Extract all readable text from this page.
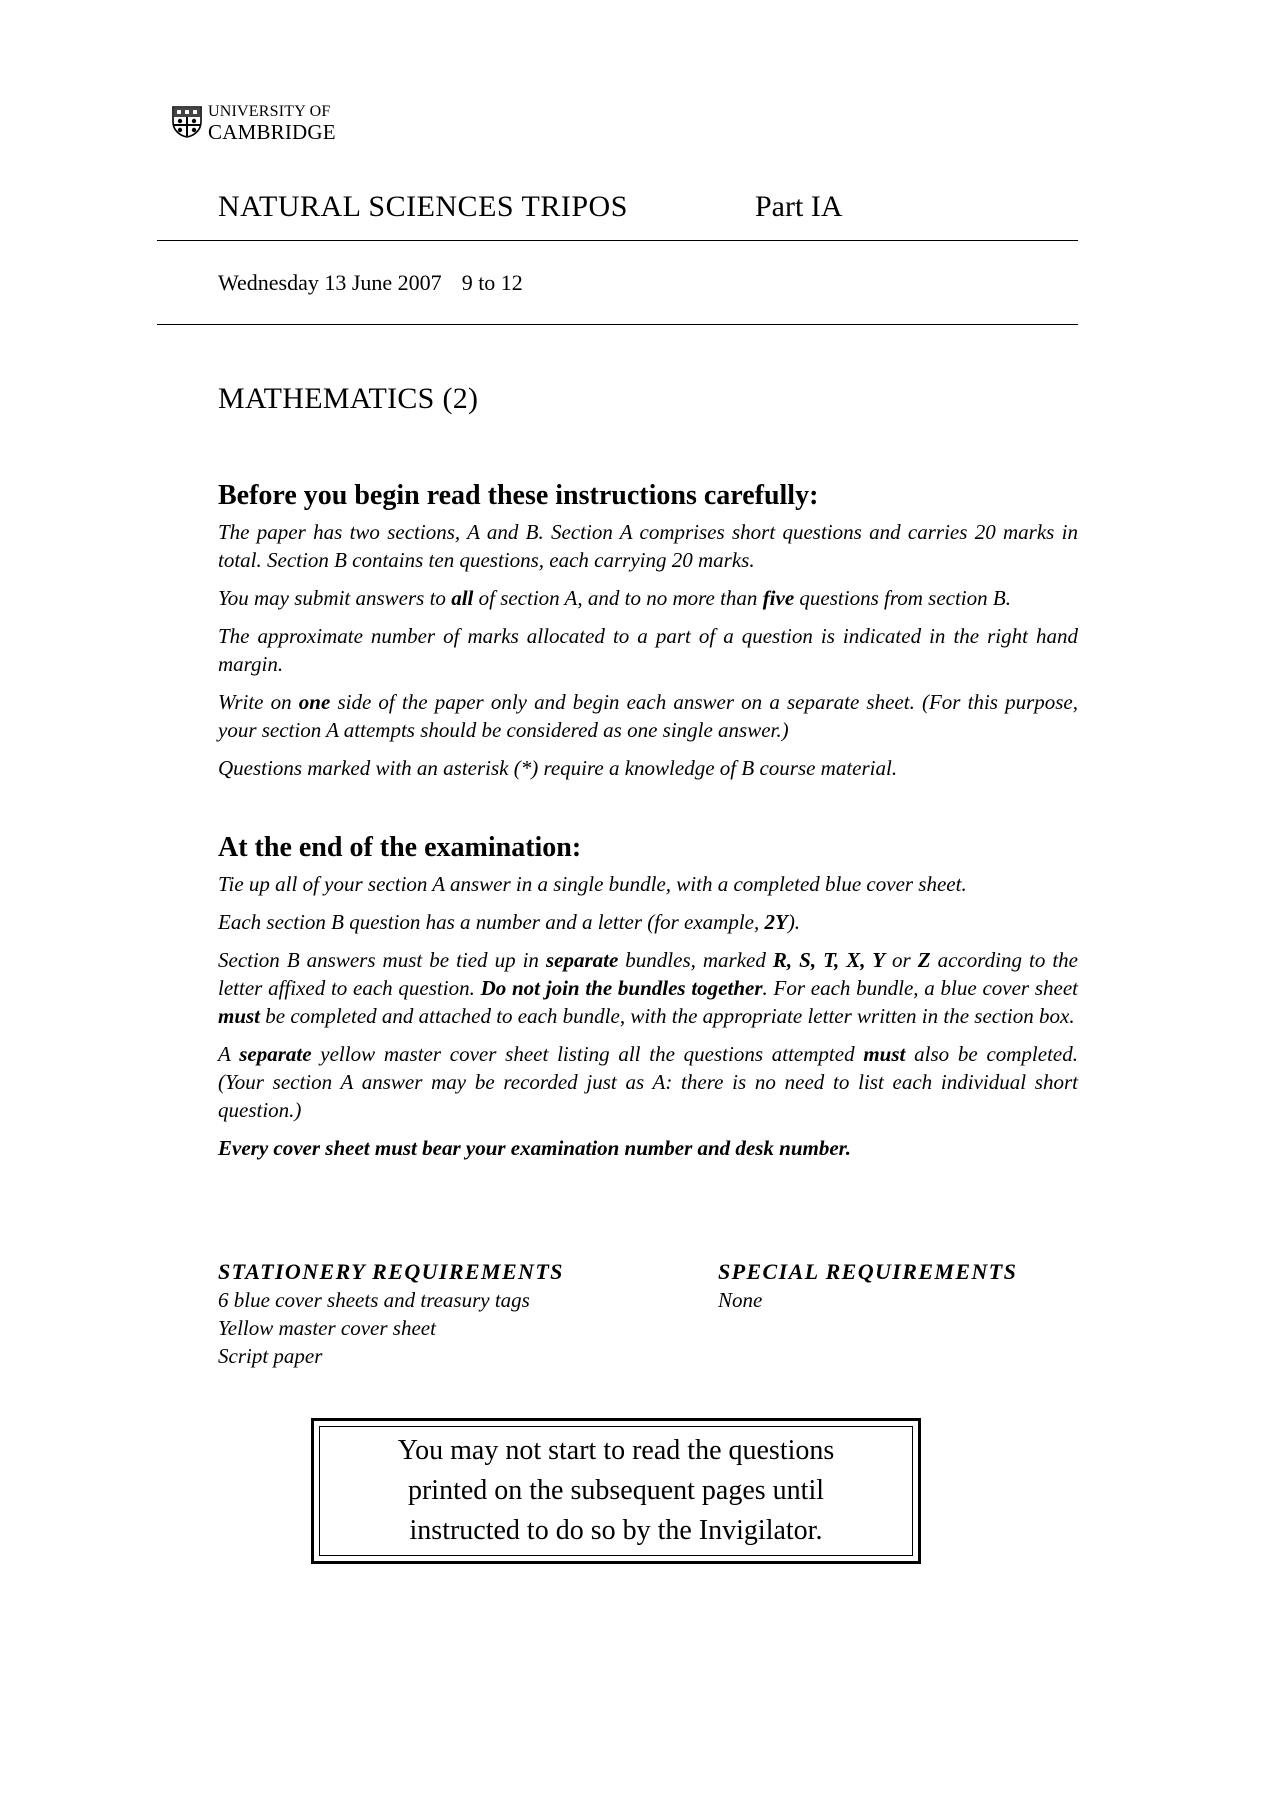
UNIVERSITY OF
CAMBRIDGE
NATURAL SCIENCES TRIPOS	Part IA
Wednesday 13 June 2007 9 to 12
MATHEMATICS (2)
Before you begin read these instructions carefully:

The paper has two sections, A and B. Section A comprises short questions and carries 20 marks in total. Section B contains ten questions, each carrying 20 marks.

You may submit answers to all of section A, and to no more than five questions from section B.

The approximate number of marks allocated to a part of a question is indicated in the right hand margin.

Write on one side of the paper only and begin each answer on a separate sheet. (For this purpose, your section A attempts should be considered as one single answer.)

Questions marked with an asterisk (*) require a knowledge of B course material.

At the end of the examination:

Tie up all of your section A answer in a single bundle, with a completed blue cover sheet.

Each section B question has a number and a letter (for example, 2Y).

Section B answers must be tied up in separate bundles, marked R, S, T, X, Y or Z according to the letter affixed to each question. Do not join the bundles together. For each bundle, a blue cover sheet must be completed and attached to each bundle, with the appropriate letter written in the section box.

A separate yellow master cover sheet listing all the questions attempted must also be completed. (Your section A answer may be recorded just as A: there is no need to list each individual short question.)

Every cover sheet must bear your examination number and desk number.

STATIONERY REQUIREMENTS
6 blue cover sheets and treasury tags
Yellow master cover sheet
Script paper
SPECIAL REQUIREMENTS
None
You may not start to read the questions
printed on the subsequent pages until
instructed to do so by the Invigilator.
